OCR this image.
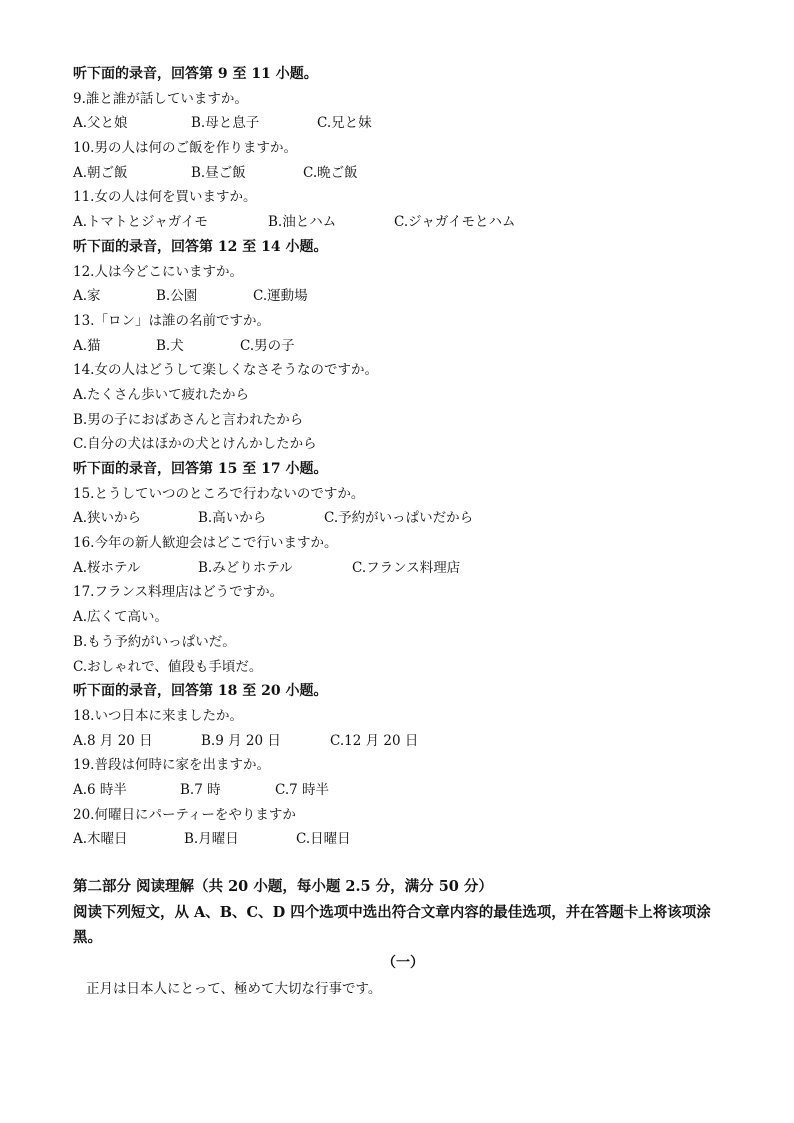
听下面的录音，回答第 9 至 11 小题。
9.誰と誰が話していますか。
A.父と娘	B.母と息子	C.兄と妹
10.男の人は何のご飯を作りますか。
A.朝ご飯	B.昼ご飯	C.晩ご飯
11.女の人は何を買いますか。
A.トマトとジャガイモ	B.油とハム	C.ジャガイモとハム
听下面的录音，回答第 12 至 14 小题。
12.人は今どこにいますか。
A.家	B.公園	C.運動場
13.「ロン」は誰の名前ですか。
A.猫	B.犬	C.男の子
14.女の人はどうして楽しくなさそうなのですか。
A.たくさん歩いて疲れたから
B.男の子におばあさんと言われたから
C.自分の犬はほかの犬とけんかしたから
听下面的录音，回答第 15 至 17 小题。
15.とうしていつのところで行わないのですか。
A.狭いから	B.高いから	C.予約がいっぱいだから
16.今年の新人歓迎会はどこで行いますか。
A.桜ホテル	B.みどりホテル	C.フランス料理店
17.フランス料理店はどうですか。
A.広くて高い。
B.もう予約がいっぱいだ。
C.おしゃれで、値段も手頃だ。
听下面的录音，回答第 18 至 20 小题。
18.いつ日本に来ましたか。
A.8 月 20 日	B.9 月 20 日	C.12 月 20 日
19.普段は何時に家を出ますか。
A.6 時半	B.7 時	C.7 時半
20.何曜日にパーティーをやりますか
A.木曜日	B.月曜日	C.日曜日
第二部分 阅读理解（共 20 小题，每小题 2.5 分，满分 50 分）
阅读下列短文，从 A、B、C、D 四个选项中选出符合文章内容的最佳选项，并在答题卡上将该项涂黑。
（一）
正月は日本人にとって、極めて大切な行事です。
